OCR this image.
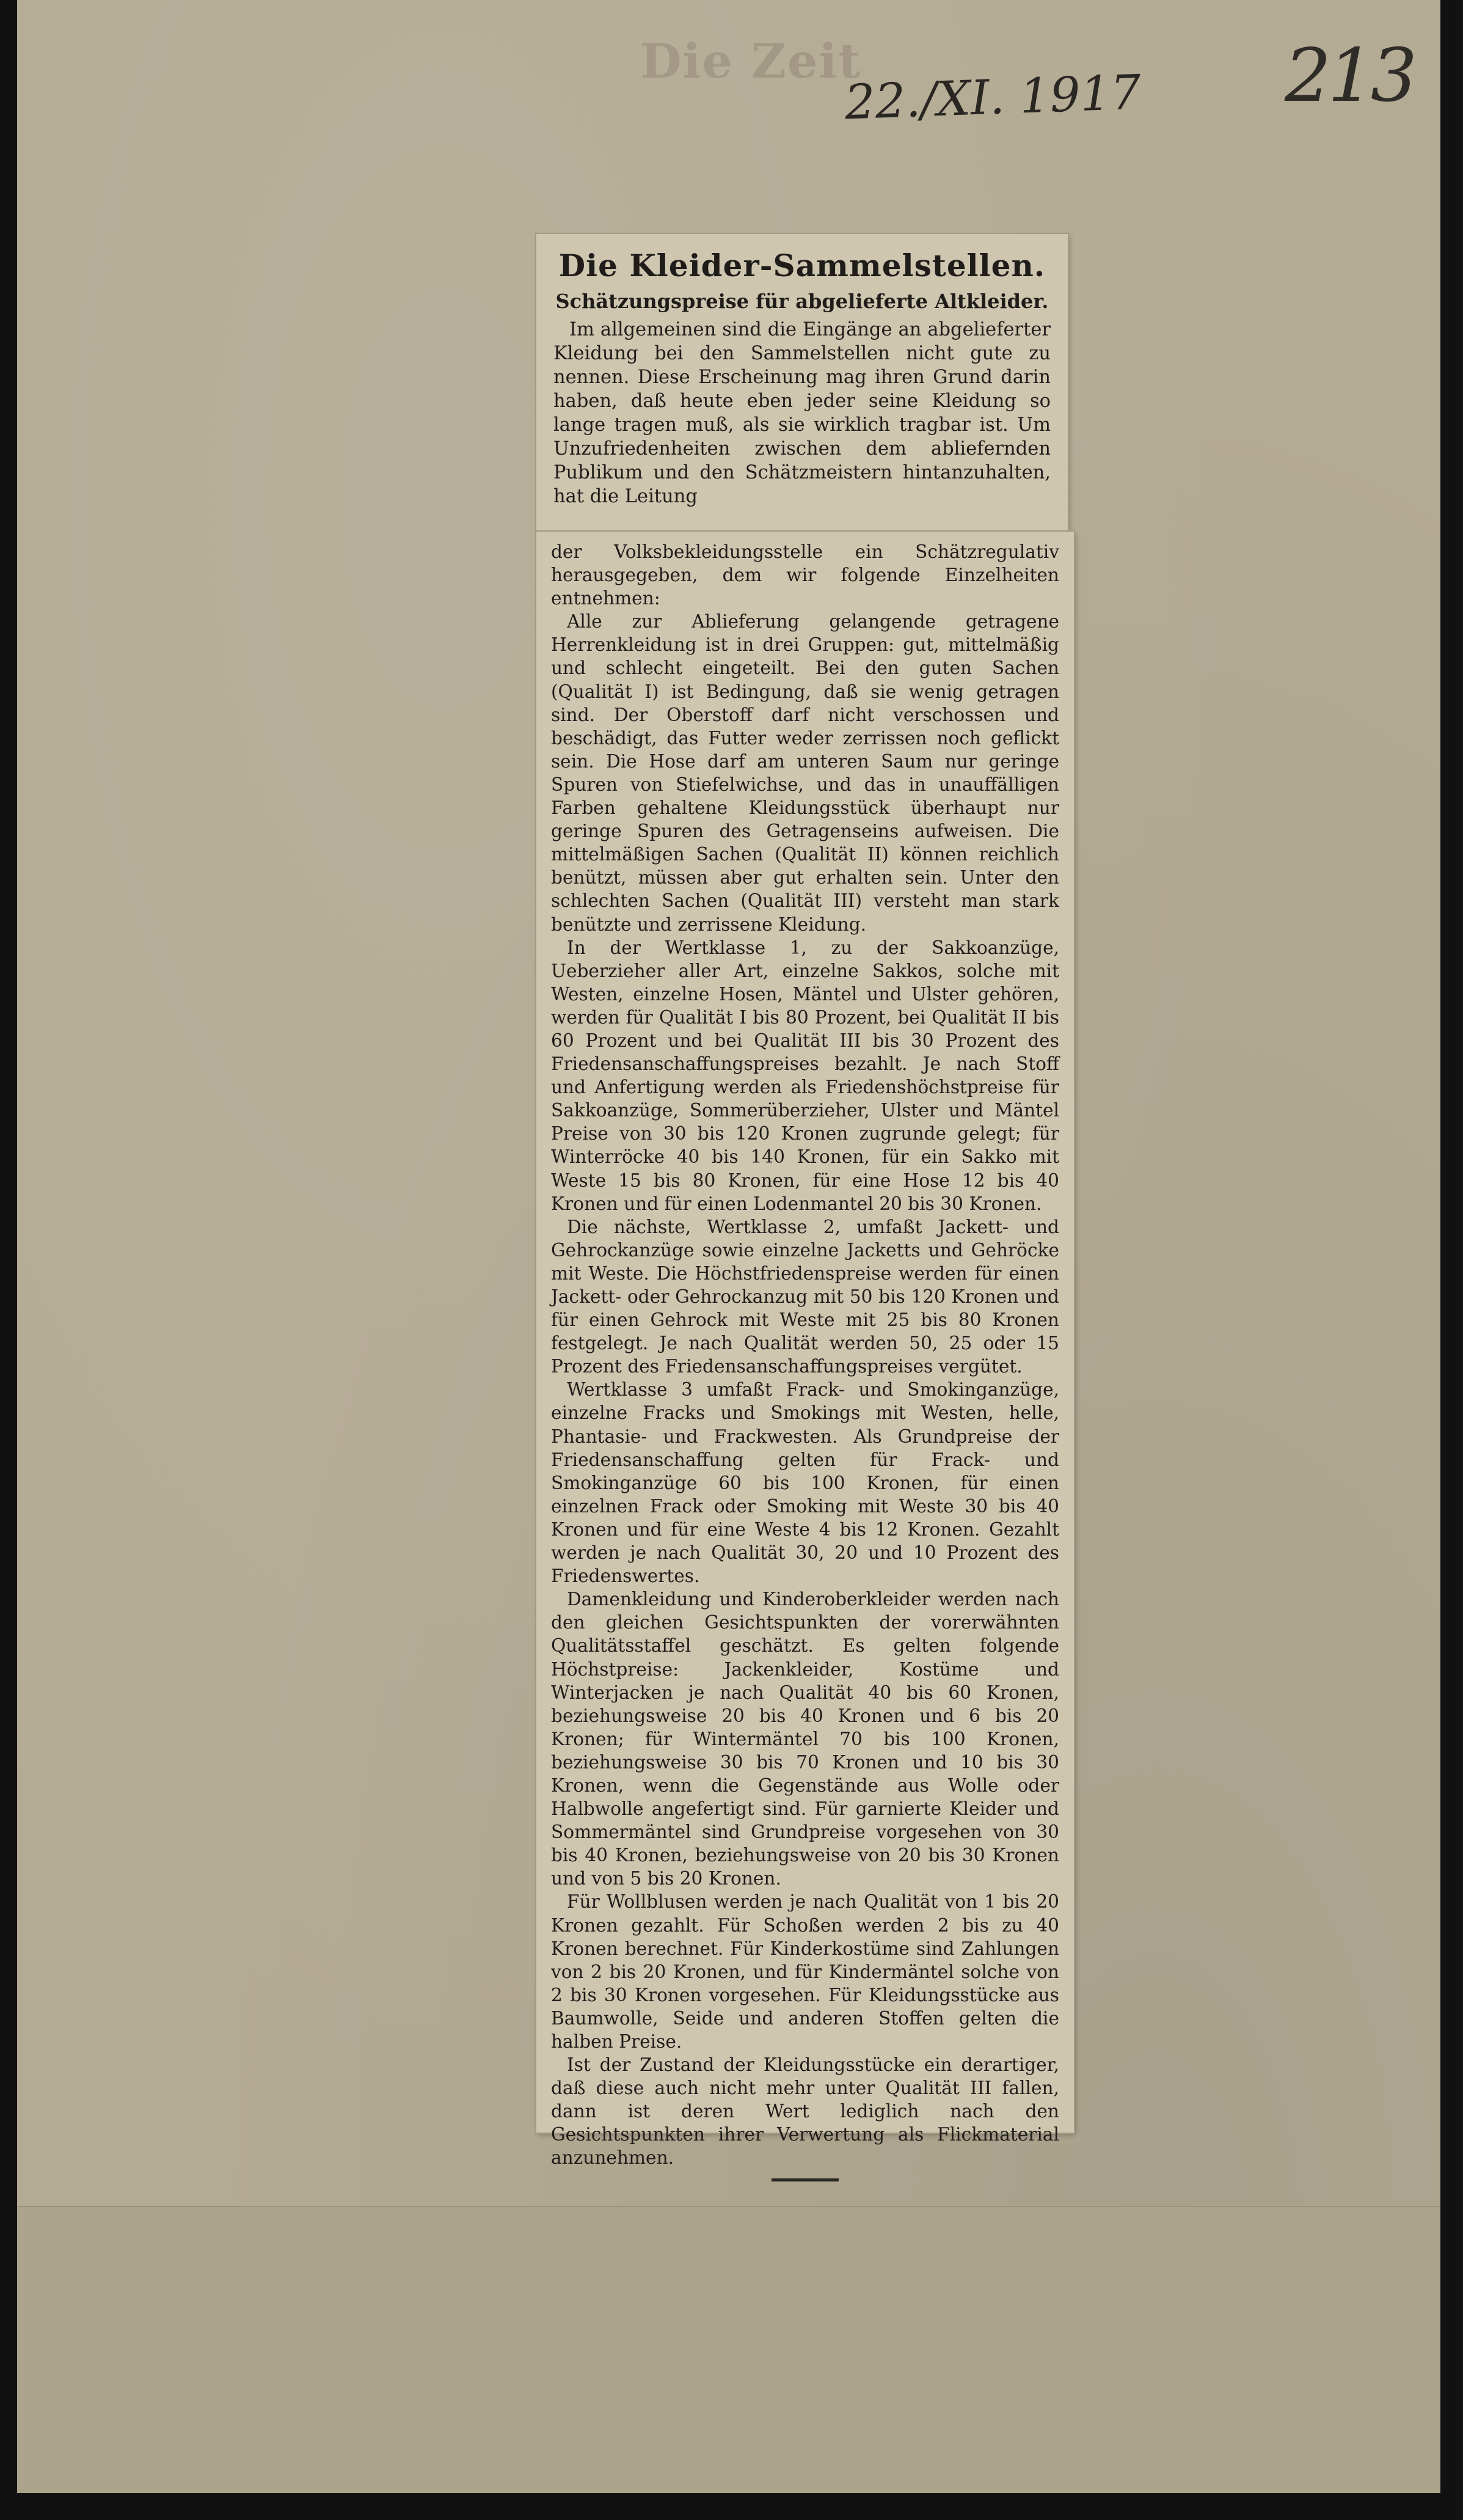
Die Zeit
22./XI. 1917 213
Die Kleider-Sammelstellen.
Schätzungspreise für abgelieferte Altkleider.

Im allgemeinen sind die Eingänge an abgelieferter Kleidung bei den Sammelstellen nicht gute zu nennen. Diese Erscheinung mag ihren Grund darin haben, daß heute eben jeder seine Kleidung so lange tragen muß, als sie wirklich tragbar ist. Um Unzufriedenheiten zwischen dem abliefernden Publikum und den Schätzmeistern hintanzuhalten, hat die Leitung

der Volksbekleidungsstelle ein Schätzregulativ herausgegeben, dem wir folgende Einzelheiten entnehmen:

Alle zur Ablieferung gelangende getragene Herrenkleidung ist in drei Gruppen: gut, mittelmäßig und schlecht eingeteilt. Bei den guten Sachen (Qualität I) ist Bedingung, daß sie wenig getragen sind. Der Oberstoff darf nicht verschossen und beschädigt, das Futter weder zerrissen noch geflickt sein. Die Hose darf am unteren Saum nur geringe Spuren von Stiefelwichse, und das in unauffälligen Farben gehaltene Kleidungsstück überhaupt nur geringe Spuren des Getragenseins aufweisen. Die mittelmäßigen Sachen (Qualität II) können reichlich benützt, müssen aber gut erhalten sein. Unter den schlechten Sachen (Qualität III) versteht man stark benützte und zerrissene Kleidung.

In der Wertklasse 1, zu der Sakkoanzüge, Ueberzieher aller Art, einzelne Sakkos, solche mit Westen, einzelne Hosen, Mäntel und Ulster gehören, werden für Qualität I bis 80 Prozent, bei Qualität II bis 60 Prozent und bei Qualität III bis 30 Prozent des Friedensanschaffungspreises bezahlt. Je nach Stoff und Anfertigung werden als Friedenshöchstpreise für Sakkoanzüge, Sommerüberzieher, Ulster und Mäntel Preise von 30 bis 120 Kronen zugrunde gelegt; für Winterröcke 40 bis 140 Kronen, für ein Sakko mit Weste 15 bis 80 Kronen, für eine Hose 12 bis 40 Kronen und für einen Lodenmantel 20 bis 30 Kronen.

Die nächste, Wertklasse 2, umfaßt Jackett- und Gehrockanzüge sowie einzelne Jacketts und Gehröcke mit Weste. Die Höchstfriedenspreise werden für einen Jackett- oder Gehrockanzug mit 50 bis 120 Kronen und für einen Gehrock mit Weste mit 25 bis 80 Kronen festgelegt. Je nach Qualität werden 50, 25 oder 15 Prozent des Friedensanschaffungspreises vergütet.

Wertklasse 3 umfaßt Frack- und Smokinganzüge, einzelne Fracks und Smokings mit Westen, helle, Phantasie- und Frackwesten. Als Grundpreise der Friedensanschaffung gelten für Frack- und Smokinganzüge 60 bis 100 Kronen, für einen einzelnen Frack oder Smoking mit Weste 30 bis 40 Kronen und für eine Weste 4 bis 12 Kronen. Gezahlt werden je nach Qualität 30, 20 und 10 Prozent des Friedenswertes.

Damenkleidung und Kinderoberkleider werden nach den gleichen Gesichtspunkten der vorerwähnten Qualitätsstaffel geschätzt. Es gelten folgende Höchstpreise: Jackenkleider, Kostüme und Winterjacken je nach Qualität 40 bis 60 Kronen, beziehungsweise 20 bis 40 Kronen und 6 bis 20 Kronen; für Wintermäntel 70 bis 100 Kronen, beziehungsweise 30 bis 70 Kronen und 10 bis 30 Kronen, wenn die Gegenstände aus Wolle oder Halbwolle angefertigt sind. Für garnierte Kleider und Sommermäntel sind Grundpreise vorgesehen von 30 bis 40 Kronen, beziehungsweise von 20 bis 30 Kronen und von 5 bis 20 Kronen.

Für Wollblusen werden je nach Qualität von 1 bis 20 Kronen gezahlt. Für Schoßen werden 2 bis zu 40 Kronen berechnet. Für Kinderkostüme sind Zahlungen von 2 bis 20 Kronen, und für Kindermäntel solche von 2 bis 30 Kronen vorgesehen. Für Kleidungsstücke aus Baumwolle, Seide und anderen Stoffen gelten die halben Preise.

Ist der Zustand der Kleidungsstücke ein derartiger, daß diese auch nicht mehr unter Qualität III fallen, dann ist deren Wert lediglich nach den Gesichtspunkten ihrer Verwertung als Flickmaterial anzunehmen.
